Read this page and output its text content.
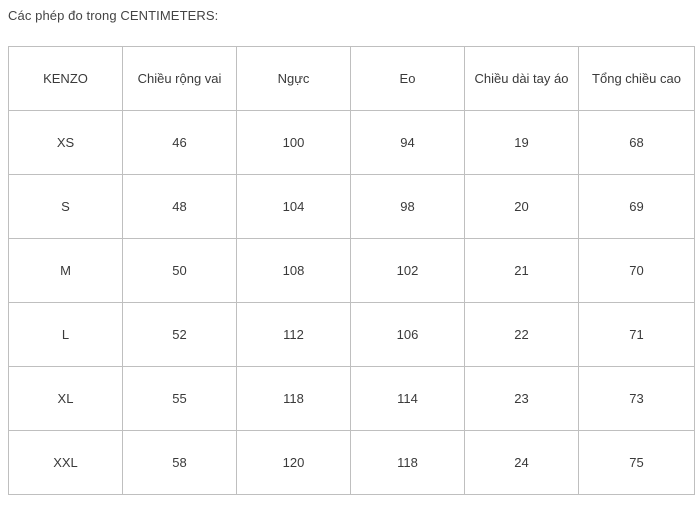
Các phép đo trong CENTIMETERS:
KENZO	Chiều rộng vai	Ngực	Eo	Chiều dài tay áo	Tổng chiều cao
XS	46	100	94	19	68
S	48	104	98	20	69
M	50	108	102	21	70
L	52	112	106	22	71
XL	55	118	114	23	73
XXL	58	120	118	24	75
